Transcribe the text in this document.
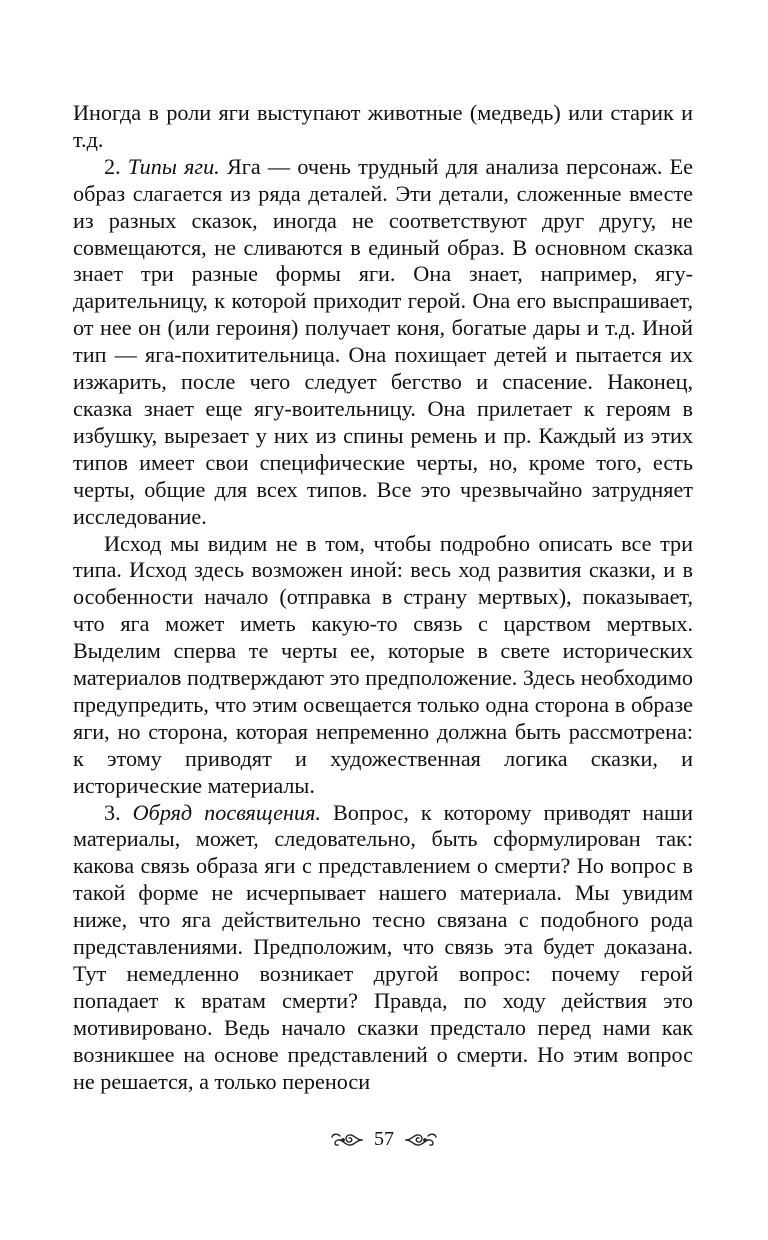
Иногда в роли яги выступают животные (медведь) или старик и т.д.

2. Типы яги. Яга — очень трудный для анализа персонаж. Ее образ слагается из ряда деталей. Эти детали, сложенные вместе из разных сказок, иногда не соответствуют друг другу, не совмещаются, не сливаются в единый образ. В основном сказка знает три разные формы яги. Она знает, например, ягу-дарительницу, к которой приходит герой. Она его выспрашивает, от нее он (или героиня) получает коня, богатые дары и т.д. Иной тип — яга-похитительница. Она похищает детей и пытается их изжарить, после чего следует бегство и спасение. Наконец, сказка знает еще ягу-воительницу. Она прилетает к героям в избушку, вырезает у них из спины ремень и пр. Каждый из этих типов имеет свои специфические черты, но, кроме того, есть черты, общие для всех типов. Все это чрезвычайно затрудняет исследование.

Исход мы видим не в том, чтобы подробно описать все три типа. Исход здесь возможен иной: весь ход развития сказки, и в особенности начало (отправка в страну мертвых), показывает, что яга может иметь какую-то связь с царством мертвых. Выделим сперва те черты ее, которые в свете исторических материалов подтверждают это предположение. Здесь необходимо предупредить, что этим освещается только одна сторона в образе яги, но сторона, которая непременно должна быть рассмотрена: к этому приводят и художественная логика сказки, и исторические материалы.

3. Обряд посвящения. Вопрос, к которому приводят наши материалы, может, следовательно, быть сформулирован так: какова связь образа яги с представлением о смерти? Но вопрос в такой форме не исчерпывает нашего материала. Мы увидим ниже, что яга действительно тесно связана с подобного рода представлениями. Предположим, что связь эта будет доказана. Тут немедленно возникает другой вопрос: почему герой попадает к вратам смерти? Правда, по ходу действия это мотивировано. Ведь начало сказки предстало перед нами как возникшее на основе представлений о смерти. Но этим вопрос не решается, а только переноси

57
